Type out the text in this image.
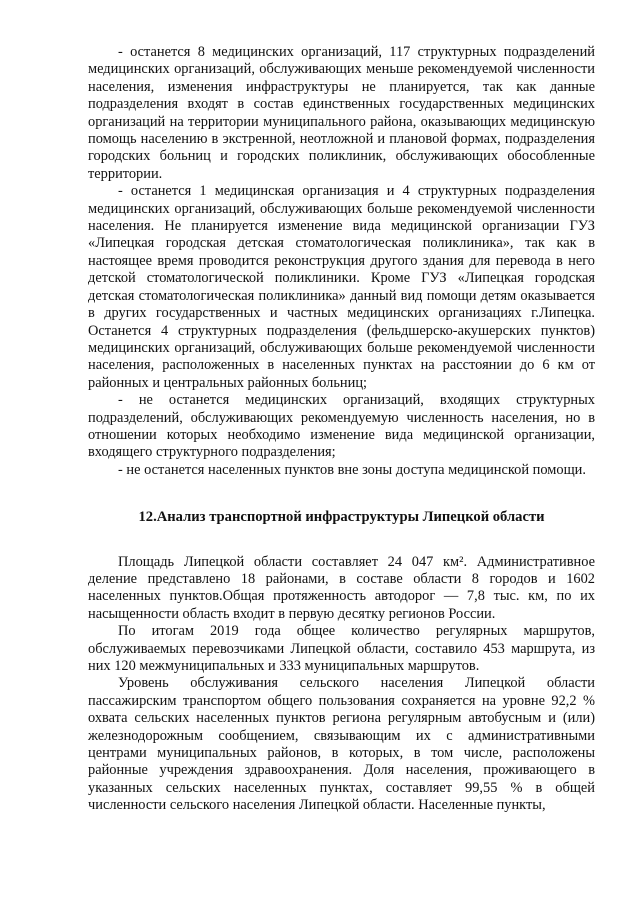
- останется 8 медицинских организаций, 117 структурных подразделений медицинских организаций, обслуживающих меньше рекомендуемой численности населения, изменения инфраструктуры не планируется, так как данные подразделения входят в состав единственных государственных медицинских организаций на территории муниципального района, оказывающих медицинскую помощь населению в экстренной, неотложной и плановой формах, подразделения городских больниц и городских поликлиник, обслуживающих обособленные территории.

- останется 1 медицинская организация и 4 структурных подразделения медицинских организаций, обслуживающих больше рекомендуемой численности населения. Не планируется изменение вида медицинской организации ГУЗ «Липецкая городская детская стоматологическая поликлиника», так как в настоящее время проводится реконструкция другого здания для перевода в него детской стоматологической поликлиники. Кроме ГУЗ «Липецкая городская детская стоматологическая поликлиника» данный вид помощи детям оказывается в других государственных и частных медицинских организациях г.Липецка. Останется 4 структурных подразделения (фельдшерско-акушерских пунктов) медицинских организаций, обслуживающих больше рекомендуемой численности населения, расположенных в населенных пунктах на расстоянии до 6 км от районных и центральных районных больниц;

- не останется медицинских организаций, входящих структурных подразделений, обслуживающих рекомендуемую численность населения, но в отношении которых необходимо изменение вида медицинской организации, входящего структурного подразделения;

- не останется населенных пунктов вне зоны доступа медицинской помощи.

12.Анализ транспортной инфраструктуры Липецкой области

Площадь Липецкой области составляет 24 047 км². Административное деление представлено 18 районами, в составе области 8 городов и 1602 населенных пунктов.Общая протяженность автодорог — 7,8 тыс. км, по их насыщенности область входит в первую десятку регионов России.

По итогам 2019 года общее количество регулярных маршрутов, обслуживаемых перевозчиками Липецкой области, составило 453 маршрута, из них 120 межмуниципальных и 333 муниципальных маршрутов.

Уровень обслуживания сельского населения Липецкой области пассажирским транспортом общего пользования сохраняется на уровне 92,2 % охвата сельских населенных пунктов региона регулярным автобусным и (или) железнодорожным сообщением, связывающим их с административными центрами муниципальных районов, в которых, в том числе, расположены районные учреждения здравоохранения. Доля населения, проживающего в указанных сельских населенных пунктах, составляет 99,55 % в общей численности сельского населения Липецкой области. Населенные пункты,
